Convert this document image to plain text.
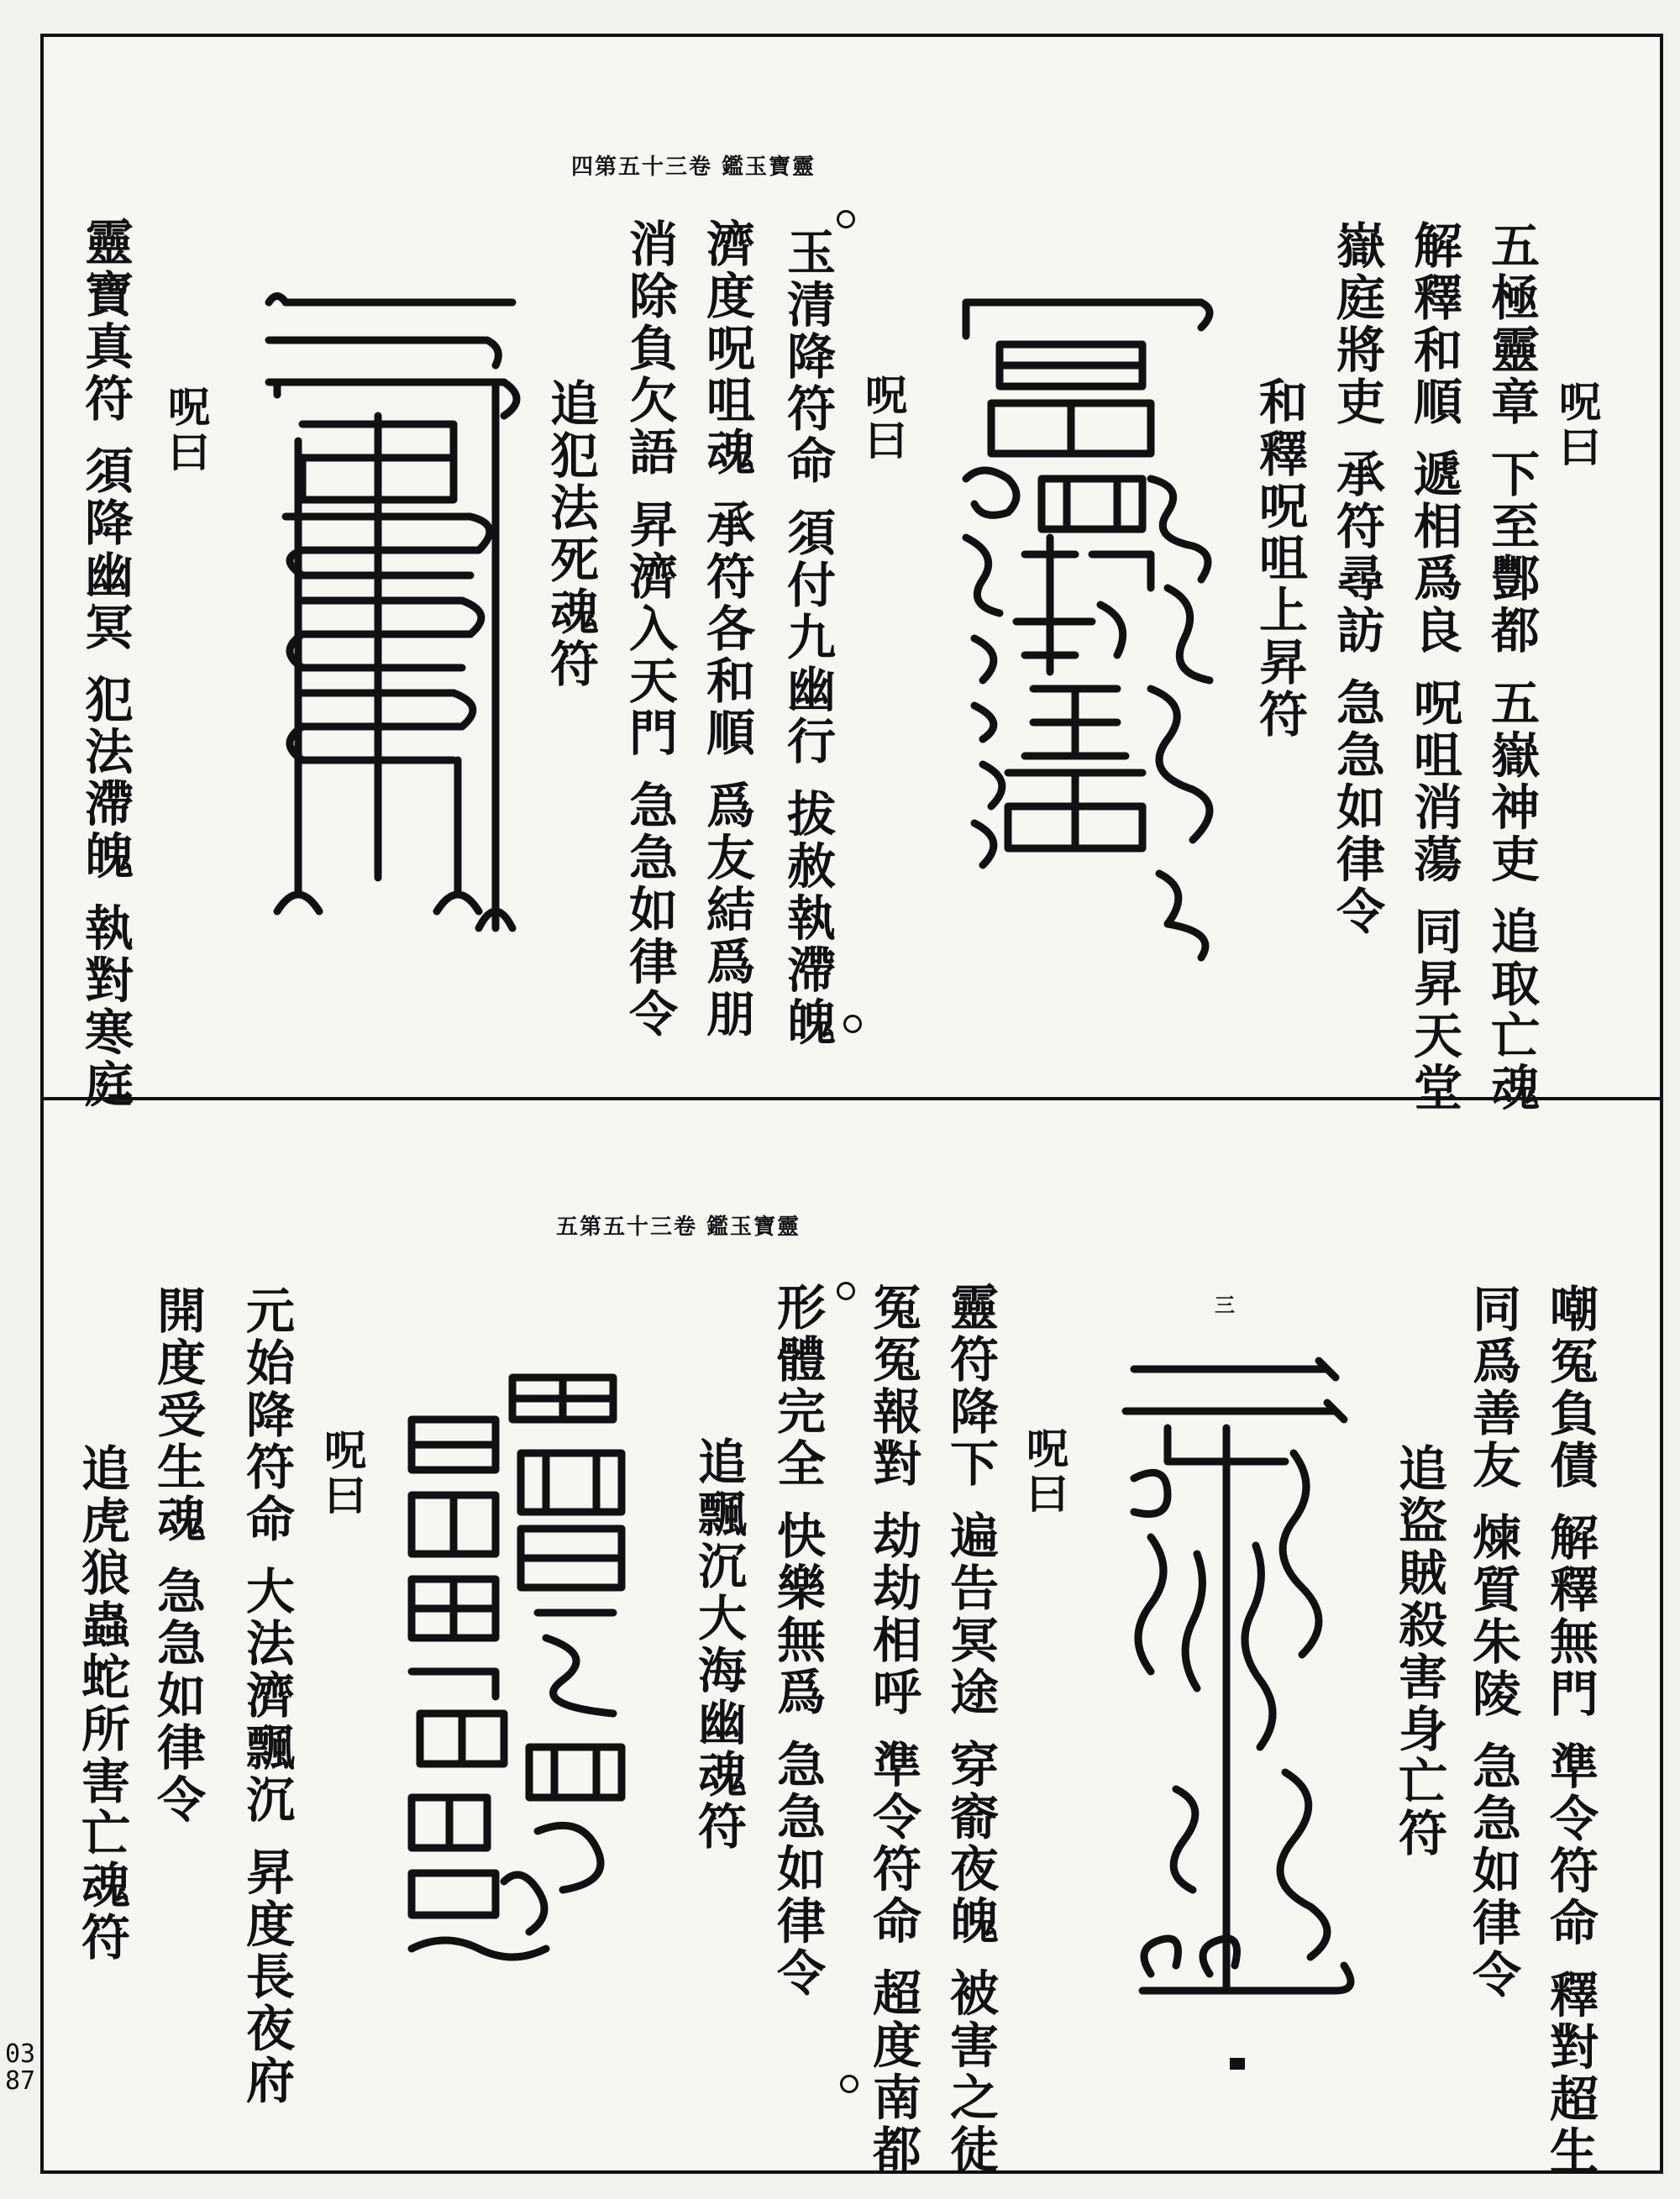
靈寶玉鑑 卷三十五第四
呪曰
五極靈章 下至酆都 五嶽神吏 追取亡魂
解釋和順 遞相爲良 呪咀消蕩 同昇天堂
嶽庭將吏 承符尋訪 急急如律令
和釋呪咀上昇符
呪曰
玉清降符命 須付九幽行 拔赦執滯魄
濟度呪咀魂 承符各和順 爲友結爲朋
消除負欠語 昇濟入天門 急急如律令
追犯法死魂符
呪曰
靈寶真符 須降幽冥 犯法滯魄 執對寒庭
靈寶玉鑑 卷三十五第五
嘲冤負債 解釋無門 準令符命 釋對超生
同爲善友 煉質朱陵 急急如律令
追盜賊殺害身亡符
三
呪曰
靈符降下 遍告冥途 穿窬夜魄 被害之徒
冤冤報對 劫劫相呼 準令符命 超度南都
形體完全 快樂無爲 急急如律令
追飄沉大海幽魂符
呪曰
元始降符命 大法濟飄沉 昇度長夜府
開度受生魂 急急如律令
追虎狼蟲蛇所害亡魂符
0387
